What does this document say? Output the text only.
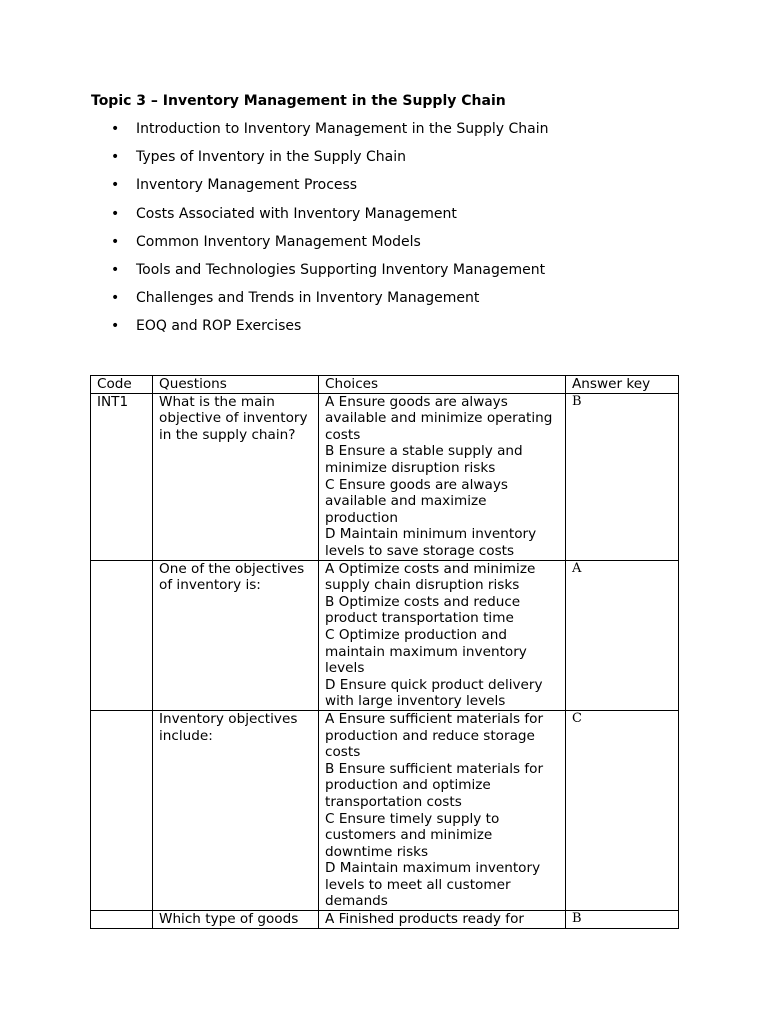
Topic 3 – Inventory Management in the Supply Chain
• Introduction to Inventory Management in the Supply Chain
• Types of Inventory in the Supply Chain
• Inventory Management Process
• Costs Associated with Inventory Management
• Common Inventory Management Models
• Tools and Technologies Supporting Inventory Management
• Challenges and Trends in Inventory Management
• EOQ and ROP Exercises
Code	Questions	Choices	Answer key
INT1	What is the main objective of inventory in the supply chain?	A Ensure goods are always available and minimize operating costs
B Ensure a stable supply and minimize disruption risks
C Ensure goods are always available and maximize production
D Maintain minimum inventory levels to save storage costs	B
	One of the objectives of inventory is:	A Optimize costs and minimize supply chain disruption risks
B Optimize costs and reduce product transportation time
C Optimize production and maintain maximum inventory levels
D Ensure quick product delivery with large inventory levels	A
	Inventory objectives include:	A Ensure sufficient materials for production and reduce storage costs
B Ensure sufficient materials for production and optimize transportation costs
C Ensure timely supply to customers and minimize downtime risks
D Maintain maximum inventory levels to meet all customer demands	C
	Which type of goods	A Finished products ready for	B
